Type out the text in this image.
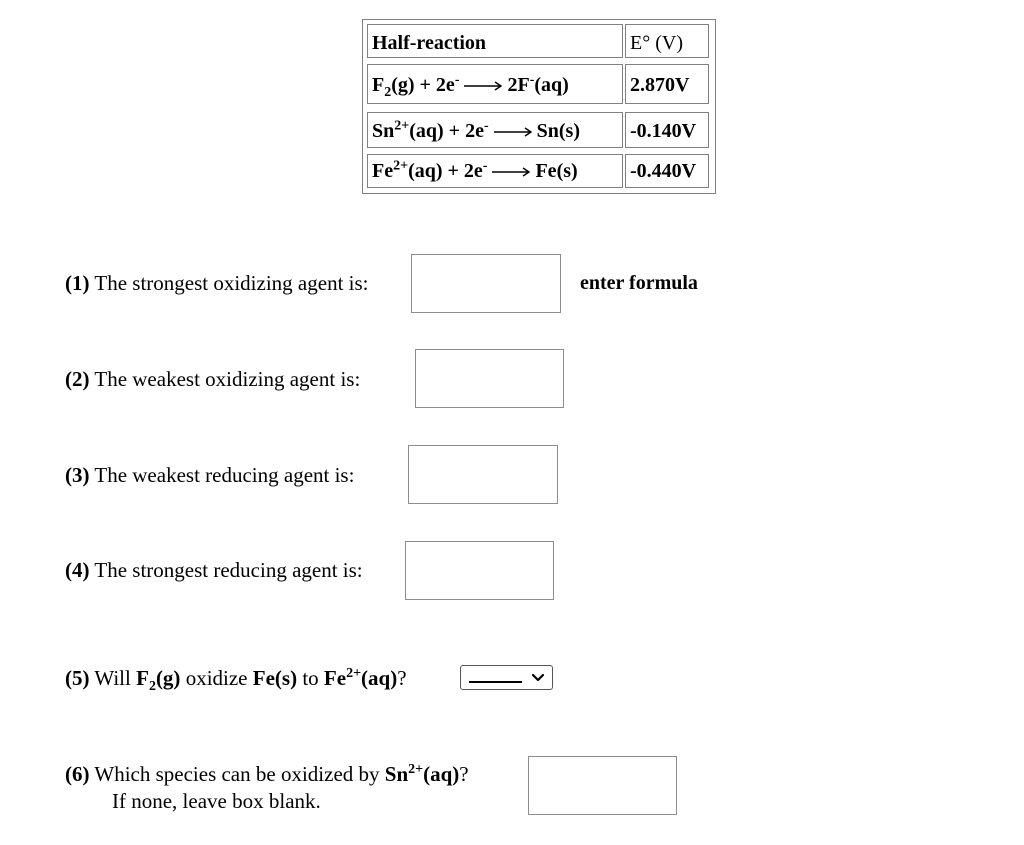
Half-reaction	E° (V)
$F_2(g) + 2e^-$ 2F-(aq)	2.870V
$Sn^{2+}(aq) + 2e^-$ Sn(s)	-0.140V
$Fe^{2+}(aq) + 2e^-$ Fe(s)	-0.440V
(1) The strongest oxidizing agent is:	enter formula
(2) The weakest oxidizing agent is:
(3) The weakest reducing agent is:
(4) The strongest reducing agent is:
(5) Will $F_2(g)$ oxidize Fe(s) to $Fe^{2+}(aq)$?
(6) Which species can be oxidized by $Sn^{2+}(aq)$?
If none, leave box blank.
